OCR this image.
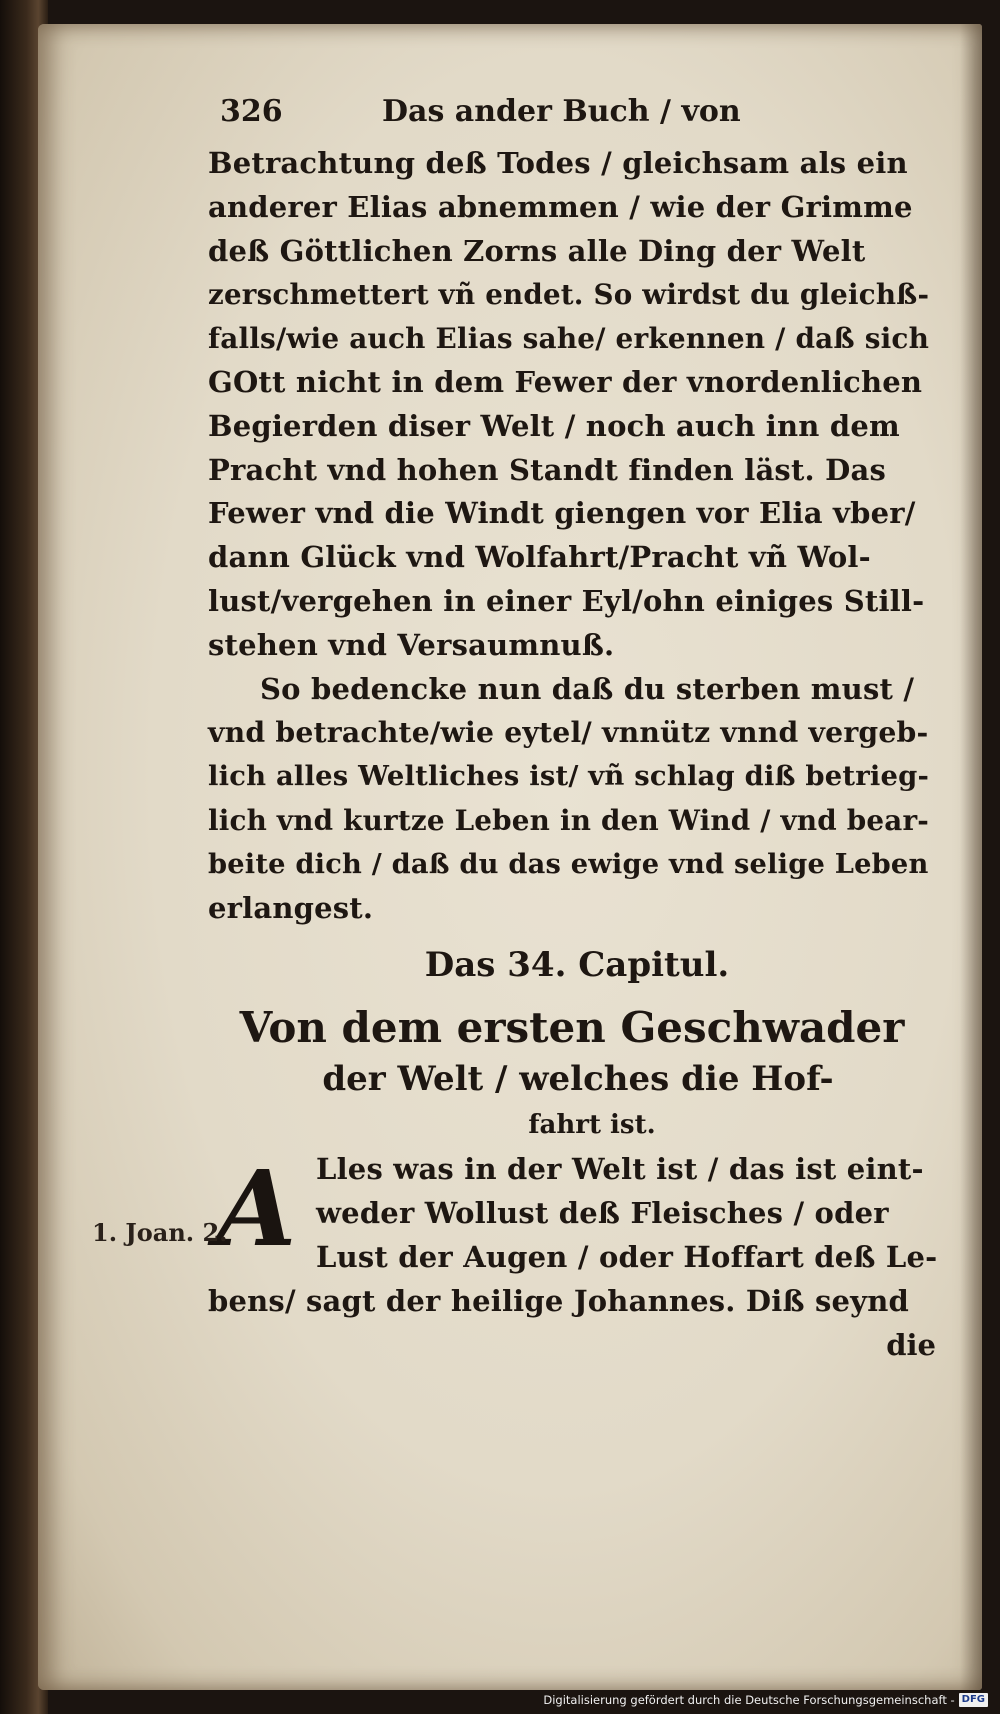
326	Das ander Buch / von
Betrachtung deß Todes / gleichsam als ein
anderer Elias abnemmen / wie der Grimme
deß Göttlichen Zorns alle Ding der Welt
zerschmettert vñ endet. So wirdst du gleichß-
falls/wie auch Elias sahe/ erkennen / daß sich
GOtt nicht in dem Fewer der vnordenlichen
Begierden diser Welt / noch auch inn dem
Pracht vnd hohen Standt finden läst. Das
Fewer vnd die Windt giengen vor Elia vber/
dann Glück vnd Wolfahrt/Pracht vñ Wol-
lust/vergehen in einer Eyl/ohn einiges Still-
stehen vnd Versaumnuß.
So bedencke nun daß du sterben must /
vnd betrachte/wie eytel/ vnnütz vnnd vergeb-
lich alles Weltliches ist/ vñ schlag diß betrieg-
lich vnd kurtze Leben in den Wind / vnd bear-
beite dich / daß du das ewige vnd selige Leben
erlangest.
Das 34. Capitul.
Von dem ersten Geschwader
der Welt / welches die Hof-
fahrt ist.
A Lles was in der Welt ist / das ist eint-
weder Wollust deß Fleisches / oder
Lust der Augen / oder Hoffart deß Le-
bens/ sagt der heilige Johannes. Diß seynd
die
1. Joan. 2.
Digitalisierung gefördert durch die Deutsche Forschungsgemeinschaft - DFG
